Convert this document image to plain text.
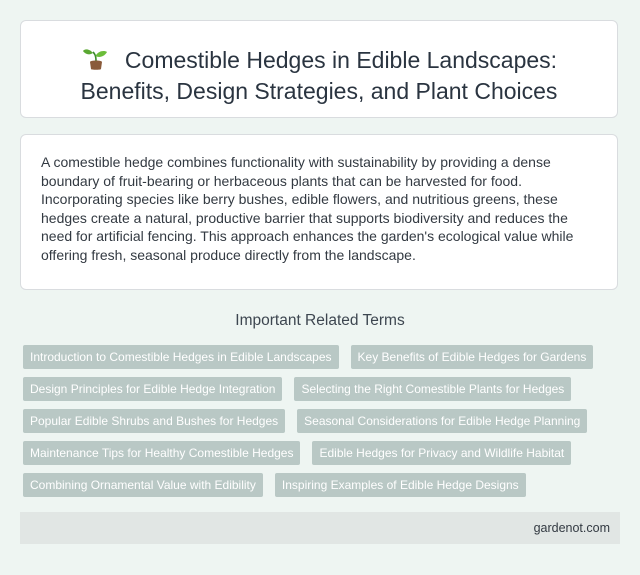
Comestible Hedges in Edible Landscapes:
Benefits, Design Strategies, and Plant Choices

A comestible hedge combines functionality with sustainability by providing a dense boundary of fruit-bearing or herbaceous plants that can be harvested for food. Incorporating species like berry bushes, edible flowers, and nutritious greens, these hedges create a natural, productive barrier that supports biodiversity and reduces the need for artificial fencing. This approach enhances the garden's ecological value while offering fresh, seasonal produce directly from the landscape.

Important Related Terms
Introduction to Comestible Hedges in Edible Landscapes	Key Benefits of Edible Hedges for Gardens
Design Principles for Edible Hedge Integration	Selecting the Right Comestible Plants for Hedges
Popular Edible Shrubs and Bushes for Hedges	Seasonal Considerations for Edible Hedge Planning
Maintenance Tips for Healthy Comestible Hedges	Edible Hedges for Privacy and Wildlife Habitat
Combining Ornamental Value with Edibility	Inspiring Examples of Edible Hedge Designs
gardenot.com
